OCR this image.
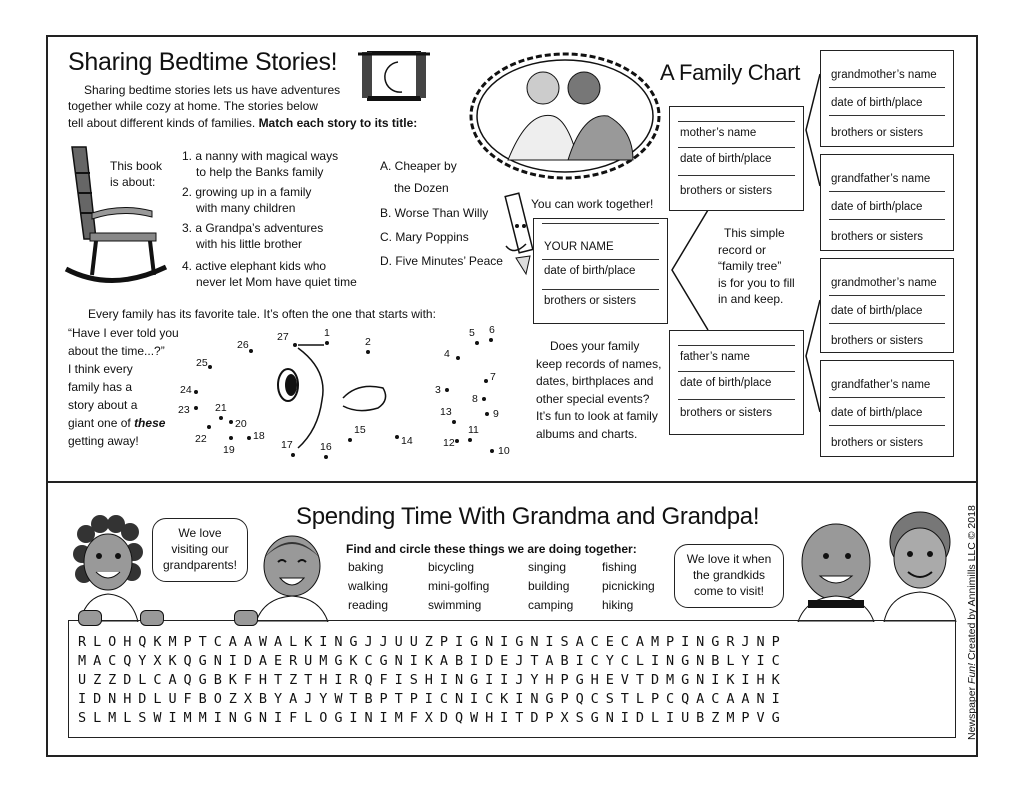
Sharing Bedtime Stories!
Sharing bedtime stories lets us have adventures
together while cozy at home. The stories below
tell about different kinds of families. Match each story to its title:
This book
is about:
1. a nanny with magical ways
to help the Banks family
2. growing up in a family
with many children
3. a Grandpa’s adventures
with his little brother
4. active elephant kids who
never let Mom have quiet time
A. Cheaper by
the Dozen
B. Worse Than Willy
C. Mary Poppins
D. Five Minutes’ Peace
Every family has its favorite tale. It’s often the one that starts with:
“Have I ever told you
about the time...?”
I think every
family has a
story about a
giant one of these
getting away!
1
2
3
4
5 6
7
8
9
10
11
12
13
14
15
16
17
18
19
20
21
22
23
24
25
26
27
A Family Chart
You can work together!
YOUR NAME
date of birth/place
brothers or sisters
This simple
record or
“family tree”
is for you to fill
in and keep.
Does your family
keep records of names,
dates, birthplaces and
other special events?
It’s fun to look at family
albums and charts.
mother’s name
date of birth/place
brothers or sisters
father’s name
date of birth/place
brothers or sisters
grandmother’s name
date of birth/place
brothers or sisters
grandfather’s name
date of birth/place
brothers or sisters
grandmother’s name
date of birth/place
brothers or sisters
grandfather’s name
date of birth/place
brothers or sisters
Spending Time With Grandma and Grandpa!
We love
visiting our
grandparents!	We love it when
the grandkids
come to visit!
Find and circle these things we are doing together:
baking	bicycling	singing	fishing
walking	mini-golfing	building	picnicking
reading	swimming	camping hiking
RLOHQKMPTCAAWALKINGJJUUZPIGNIGNISACECAMPINGRJNP
MACQYXKQGNIDAERUMGKCGNIKABIDEJTABICYCLINGNBLYIC
UZZDLCAQGBKFHTZTHIRQFISHINGIIJYHPGHEVTDMGNIKIHK
IDNHDLUFBOZXBYAJYWTBPTPICNICKINGPQCSTLPCQACAANI
SLMLSWIMMINGNIFLOGINIMFXDQWHITDPXSGNIDLIUBZMPVG	Newspaper Fun! Created by Annimills LLC © 2018
